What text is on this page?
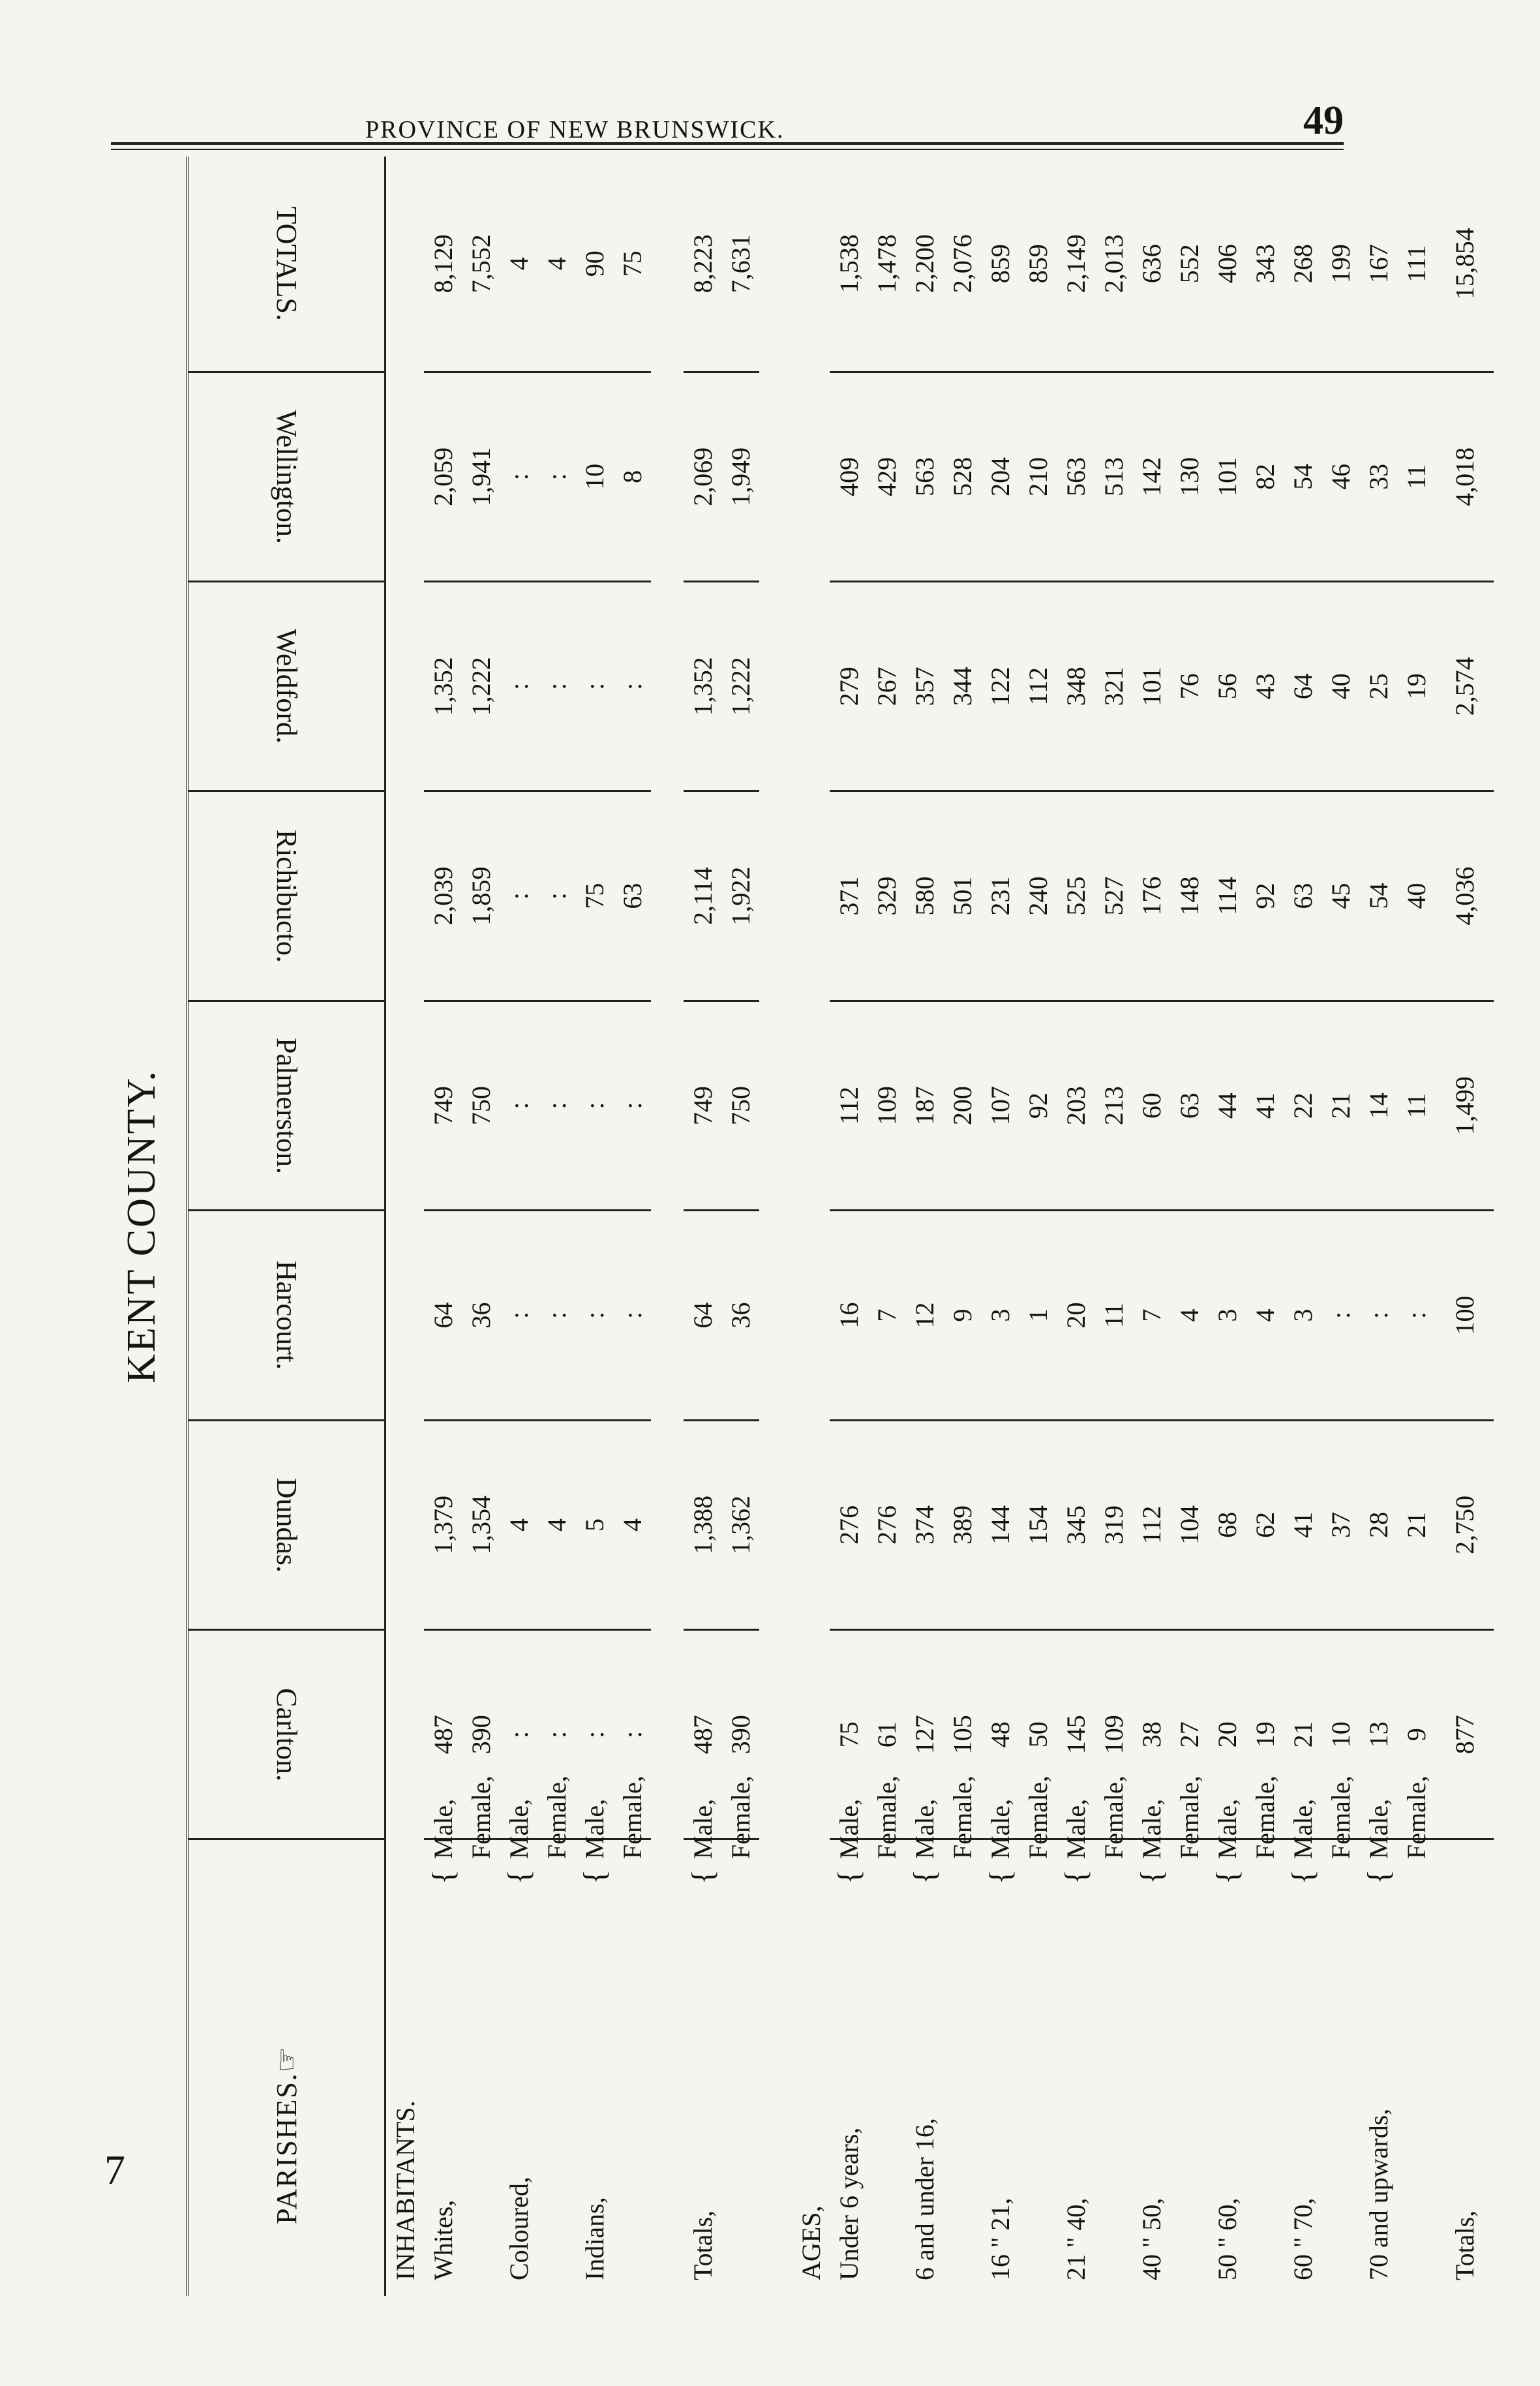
PROVINCE OF NEW BRUNSWICK.	49
KENT COUNTY.										
PARISHES.☞			Carlton.	Dundas.	Harcourt.	Palmerston.	Richibucto.	Weldford.	Wellington.	TOTALS.
INHABITANTS.										
Whites,	{	Male,	487	1,379	64	749	2,039	1,352	2,059	8,129
		Female,	390	1,354	36	750	1,859	1,222	1,941	7,552
Coloured,	{	Male,	:	4	:	:	:	:	:	4
		Female,	:	4	:	:	:	:	:	4
Indians,	{	Male,	:	5	:	:	75	:	10	90
		Female,	:	4	:	:	63	:	8	75

Totals,	{	Male,	487	1,388	64	749	2,114	1,352	2,069	8,223
		Female,	390	1,362	36	750	1,922	1,222	1,949	7,631

AGES,										
Under 6 years,	{	Male,	75	276	16	112	371	279	409	1,538
		Female,	61	276	7	109	329	267	429	1,478
6 and under 16,	{	Male,	127	374	12	187	580	357	563	2,200
		Female,	105	389	9	200	501	344	528	2,076
16 " 21,	{	Male,	48	144	3	107	231	122	204	859
		Female,	50	154	1	92	240	112	210	859
21 " 40,	{	Male,	145	345	20	203	525	348	563	2,149
		Female,	109	319	11	213	527	321	513	2,013
40 " 50,	{	Male,	38	112	7	60	176	101	142	636
		Female,	27	104	4	63	148	76	130	552
50 " 60,	{	Male,	20	68	3	44	114	56	101	406
		Female,	19	62	4	41	92	43	82	343
60 " 70,	{	Male,	21	41	3	22	63	64	54	268
		Female,	10	37	:	21	45	40	46	199
70 and upwards,	{	Male,	13	28	:	14	54	25	33	167
		Female,	9	21	:	11	40	19	11	111
Totals,			877	2,750	100	1,499	4,036	2,574	4,018	15,854
7
